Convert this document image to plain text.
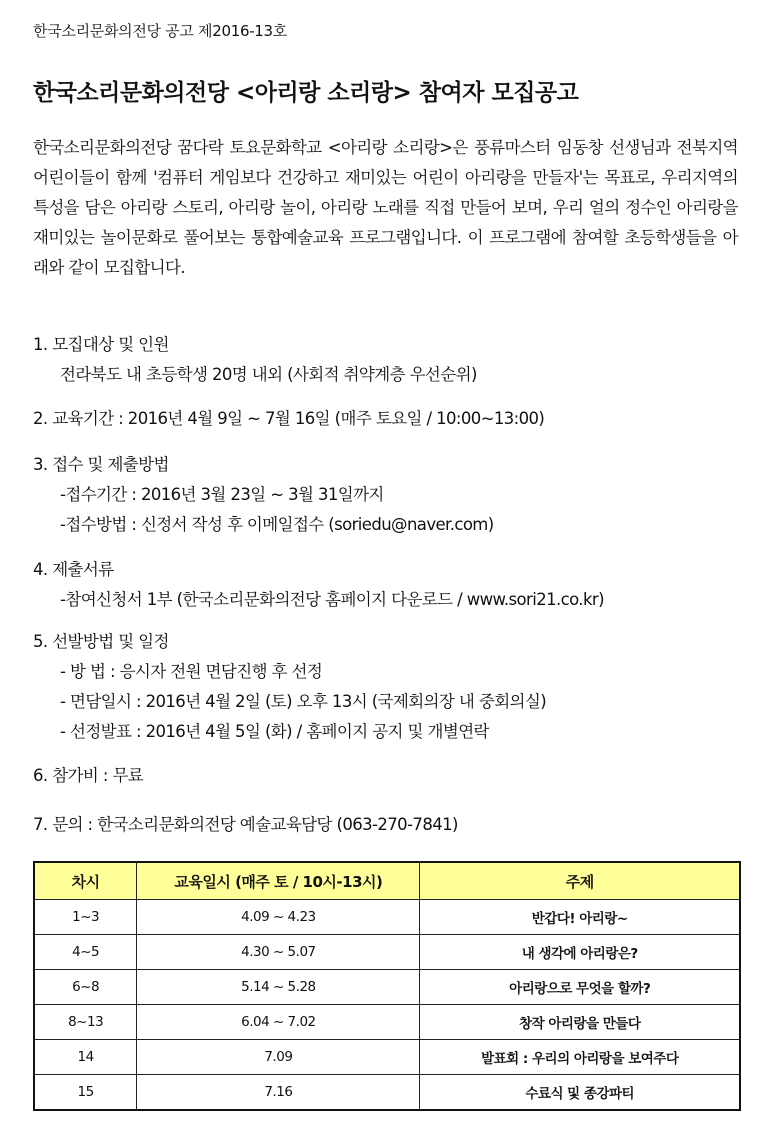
한국소리문화의전당 공고 제2016-13호
한국소리문화의전당 <아리랑 소리랑> 참여자 모집공고
한국소리문화의전당 꿈다락 토요문화학교 <아리랑 소리랑>은 풍류마스터 임동창 선생님과 전북지역 어린이들이 함께 '컴퓨터 게임보다 건강하고 재미있는 어린이 아리랑을 만들자'는 목표로, 우리지역의 특성을 담은 아리랑 스토리, 아리랑 놀이, 아리랑 노래를 직접 만들어 보며, 우리 얼의 정수인 아리랑을 재미있는 놀이문화로 풀어보는 통합예술교육 프로그램입니다. 이 프로그램에 참여할 초등학생들을 아래와 같이 모집합니다.
1. 모집대상 및 인원
전라북도 내 초등학생 20명 내외 (사회적 취약계층 우선순위)
2. 교육기간 : 2016년 4월 9일 ~ 7월 16일 (매주 토요일 / 10:00~13:00)
3. 접수 및 제출방법
-접수기간 : 2016년 3월 23일 ~ 3월 31일까지
-접수방법 : 신정서 작성 후 이메일접수 (soriedu@naver.com)
4. 제출서류
-참여신청서 1부 (한국소리문화의전당 홈페이지 다운로드 / www.sori21.co.kr)
5. 선발방법 및 일정
- 방 법 : 응시자 전원 면담진행 후 선정
- 면담일시 : 2016년 4월 2일 (토) 오후 13시 (국제회의장 내 중회의실)
- 선정발표 : 2016년 4월 5일 (화) / 홈페이지 공지 및 개별연락
6. 참가비 : 무료
7. 문의 : 한국소리문화의전당 예술교육담당 (063-270-7841)
차시	교육일시 (매주 토 / 10시-13시)	주제
1~3	4.09 ~ 4.23	반갑다! 아리랑~
4~5	4.30 ~ 5.07	내 생각에 아리랑은?
6~8	5.14 ~ 5.28	아리랑으로 무엇을 할까?
8~13	6.04 ~ 7.02	창작 아리랑을 만들다
14	7.09	발표회 : 우리의 아리랑을 보여주다
15	7.16	수료식 및 종강파티
